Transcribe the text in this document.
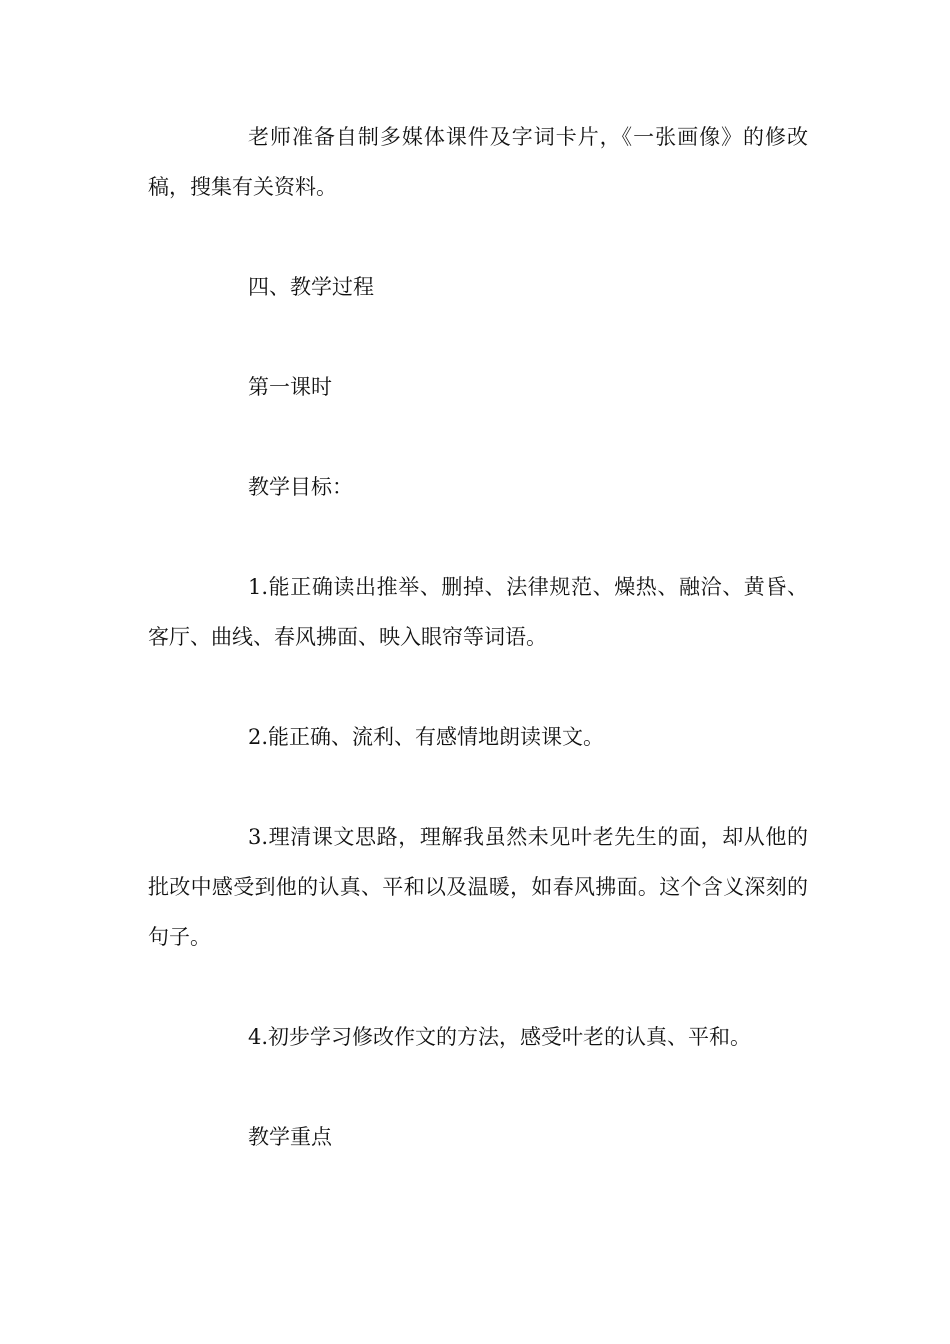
老师准备自制多媒体课件及字词卡片，《一张画像》的修改稿，搜集有关资料。

四、教学过程

第一课时

教学目标：

1.能正确读出推举、删掉、法律规范、燥热、融洽、黄昏、客厅、曲线、春风拂面、映入眼帘等词语。

2.能正确、流利、有感情地朗读课文。

3.理清课文思路，理解我虽然未见叶老先生的面，却从他的批改中感受到他的认真、平和以及温暖，如春风拂面。这个含义深刻的句子。

4.初步学习修改作文的方法，感受叶老的认真、平和。

教学重点
